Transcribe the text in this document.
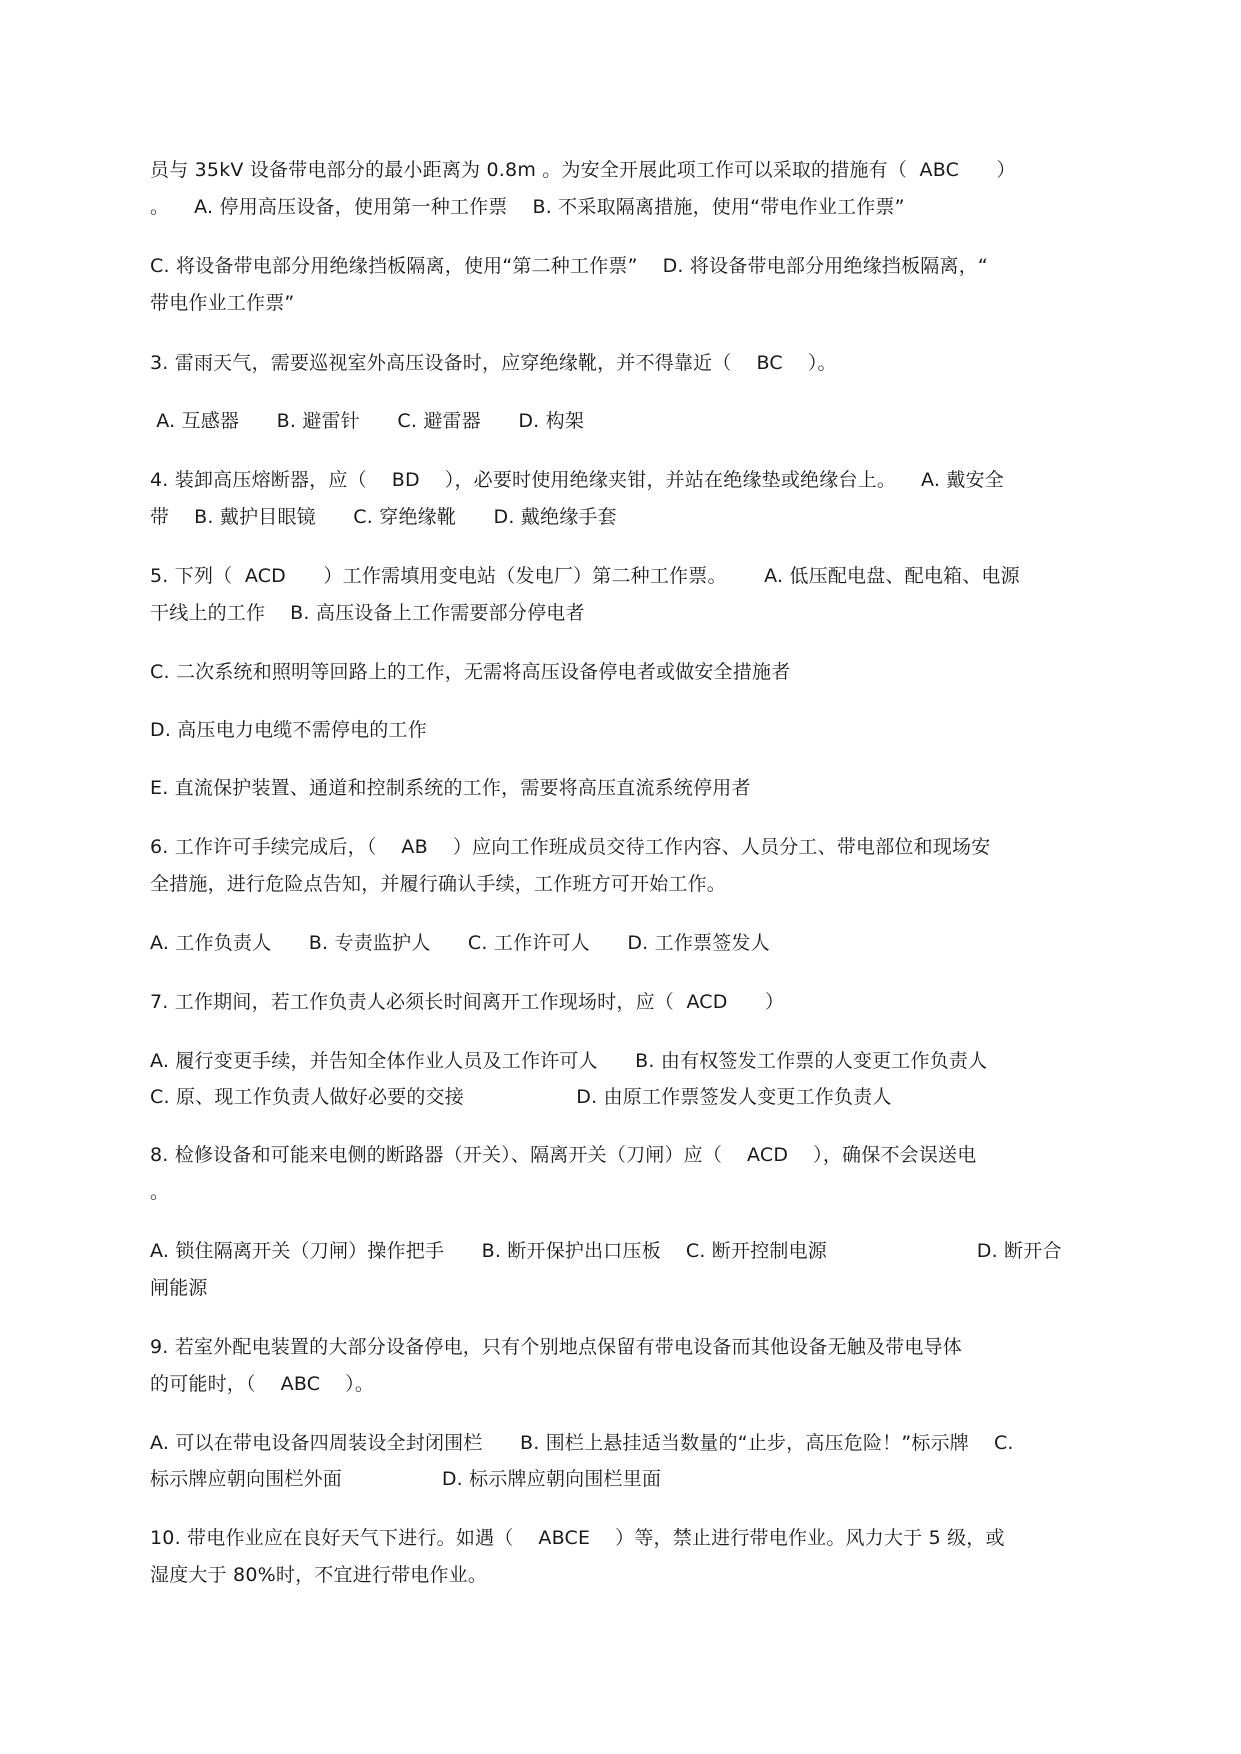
员与 35kV 设备带电部分的最小距离为 0.8m 。为安全开展此项工作可以采取的措施有（  ABC      ）
。    A. 停用高压设备，使用第一种工作票    B. 不采取隔离措施，使用“带电作业工作票”
C. 将设备带电部分用绝缘挡板隔离，使用“第二种工作票”    D. 将设备带电部分用绝缘挡板隔离，“
带电作业工作票”
3. 雷雨天气，需要巡视室外高压设备时，应穿绝缘靴，并不得靠近（    BC    ）。
A. 互感器      B. 避雷针      C. 避雷器      D. 构架
4. 装卸高压熔断器，应（    BD    ），必要时使用绝缘夹钳，并站在绝缘垫或绝缘台上。    A. 戴安全
带    B. 戴护目眼镜      C. 穿绝缘靴      D. 戴绝缘手套
5. 下列（  ACD      ）工作需填用变电站（发电厂）第二种工作票。      A. 低压配电盘、配电箱、电源
干线上的工作    B. 高压设备上工作需要部分停电者
C. 二次系统和照明等回路上的工作，无需将高压设备停电者或做安全措施者
D. 高压电力电缆不需停电的工作
E. 直流保护装置、通道和控制系统的工作，需要将高压直流系统停用者
6. 工作许可手续完成后，（    AB    ）应向工作班成员交待工作内容、人员分工、带电部位和现场安
全措施，进行危险点告知，并履行确认手续，工作班方可开始工作。
A. 工作负责人      B. 专责监护人      C. 工作许可人      D. 工作票签发人
7. 工作期间，若工作负责人必须长时间离开工作现场时，应（  ACD      ）
A. 履行变更手续，并告知全体作业人员及工作许可人      B. 由有权签发工作票的人变更工作负责人
C. 原、现工作负责人做好必要的交接                  D. 由原工作票签发人变更工作负责人
8. 检修设备和可能来电侧的断路器（开关）、隔离开关（刀闸）应（    ACD    ），确保不会误送电
。
A. 锁住隔离开关（刀闸）操作把手      B. 断开保护出口压板    C. 断开控制电源                        D. 断开合
闸能源
9. 若室外配电装置的大部分设备停电，只有个别地点保留有带电设备而其他设备无触及带电导体
的可能时，（    ABC    ）。
A. 可以在带电设备四周装设全封闭围栏      B. 围栏上悬挂适当数量的“止步，高压危险！”标示牌    C.
标示牌应朝向围栏外面                D. 标示牌应朝向围栏里面
10. 带电作业应在良好天气下进行。如遇（    ABCE    ）等，禁止进行带电作业。风力大于 5 级，或
湿度大于 80%时，不宜进行带电作业。
